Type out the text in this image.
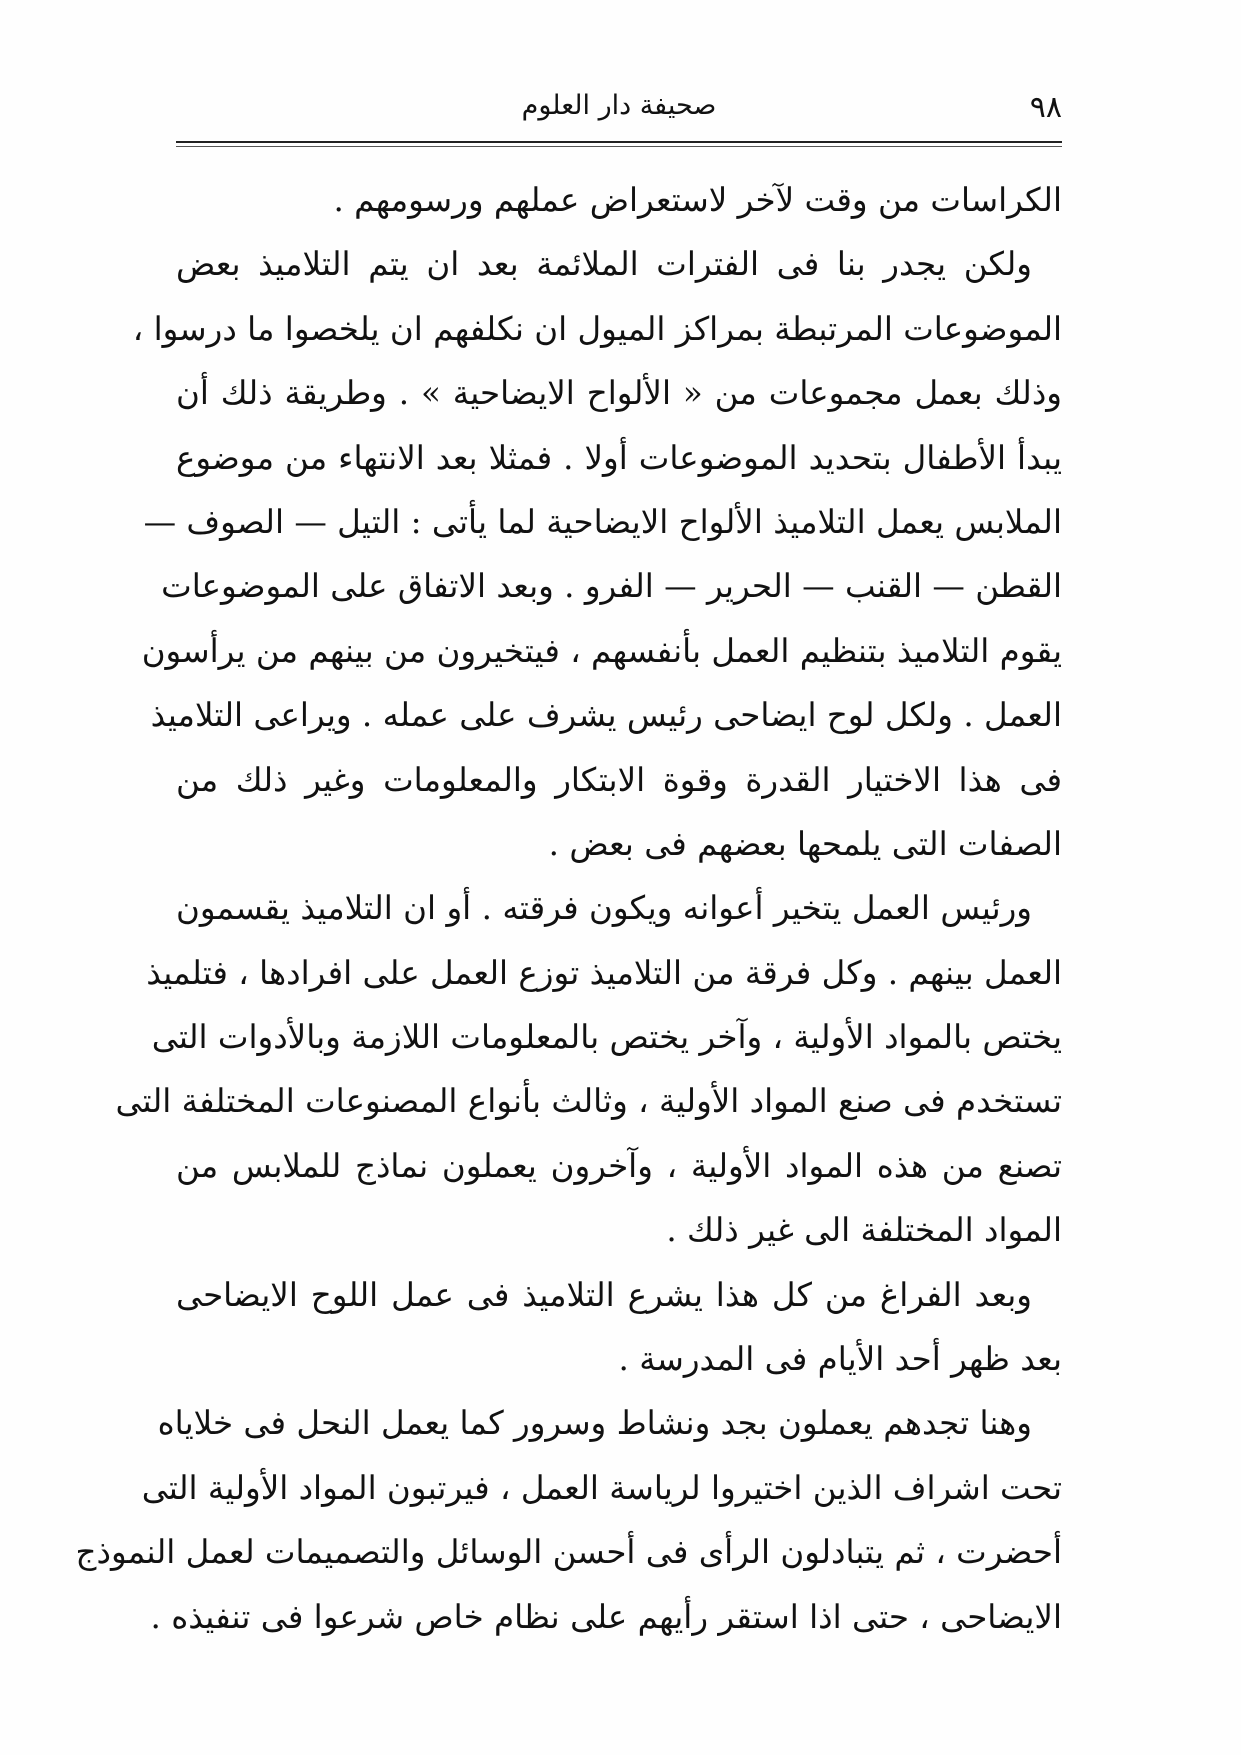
٩٨
صحيفة دار العلوم
الكراسات من وقت لآخر لاستعراض عملهم ورسومهم .
ولكن يجدر بنا فى الفترات الملائمة بعد ان يتم التلاميذ بعض
الموضوعات المرتبطة بمراكز الميول ان نكلفهم ان يلخصوا ما درسوا ،
وذلك بعمل مجموعات من « الألواح الايضاحية » . وطريقة ذلك أن
يبدأ الأطفال بتحديد الموضوعات أولا . فمثلا بعد الانتهاء من موضوع
الملابس يعمل التلاميذ الألواح الايضاحية لما يأتى : التيل — الصوف —
القطن — القنب — الحرير — الفرو . وبعد الاتفاق على الموضوعات
يقوم التلاميذ بتنظيم العمل بأنفسهم ، فيتخيرون من بينهم من يرأسون
العمل . ولكل لوح ايضاحى رئيس يشرف على عمله . ويراعى التلاميذ
فى هذا الاختيار القدرة وقوة الابتكار والمعلومات وغير ذلك من
الصفات التى يلمحها بعضهم فى بعض .
ورئيس العمل يتخير أعوانه ويكون فرقته . أو ان التلاميذ يقسمون
العمل بينهم . وكل فرقة من التلاميذ توزع العمل على افرادها ، فتلميذ
يختص بالمواد الأولية ، وآخر يختص بالمعلومات اللازمة وبالأدوات التى
تستخدم فى صنع المواد الأولية ، وثالث بأنواع المصنوعات المختلفة التى
تصنع من هذه المواد الأولية ، وآخرون يعملون نماذج للملابس من
المواد المختلفة الى غير ذلك .
وبعد الفراغ من كل هذا يشرع التلاميذ فى عمل اللوح الايضاحى
بعد ظهر أحد الأيام فى المدرسة .
وهنا تجدهم يعملون بجد ونشاط وسرور كما يعمل النحل فى خلاياه
تحت اشراف الذين اختيروا لرياسة العمل ، فيرتبون المواد الأولية التى
أحضرت ، ثم يتبادلون الرأى فى أحسن الوسائل والتصميمات لعمل النموذج
الايضاحى ، حتى اذا استقر رأيهم على نظام خاص شرعوا فى تنفيذه .
